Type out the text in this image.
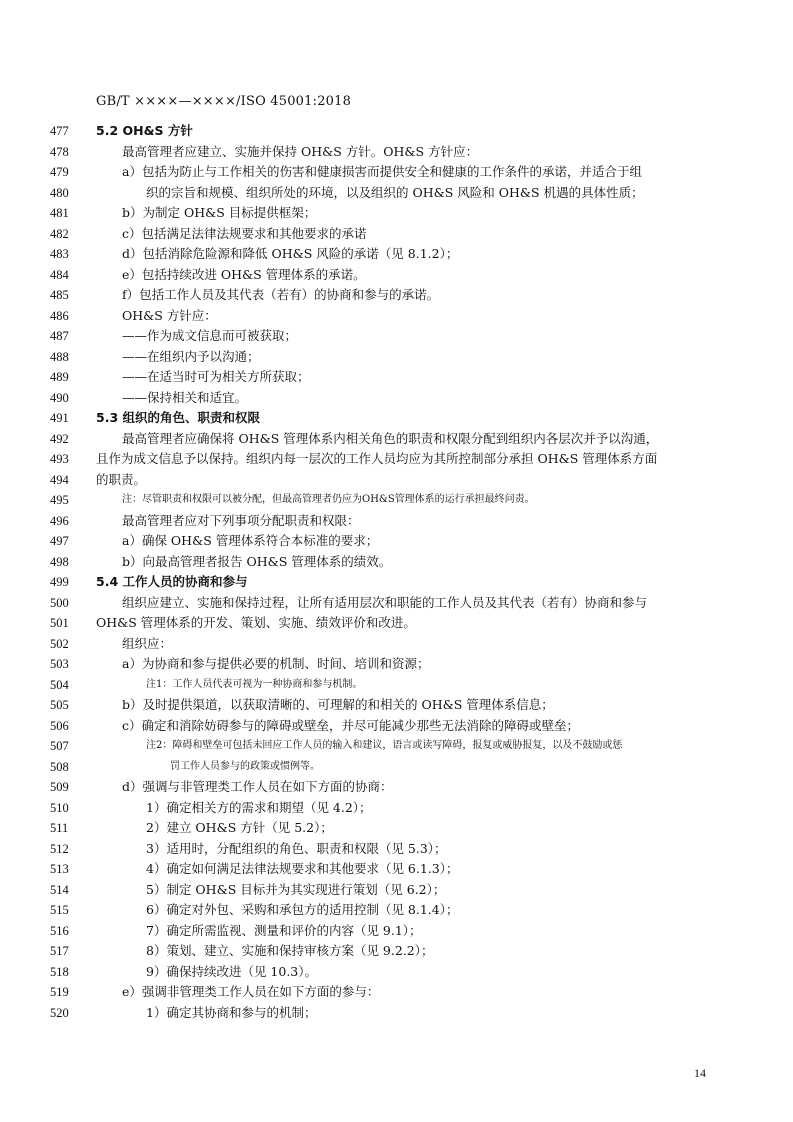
GB/T ××××—××××/ISO 45001:2018
477	5.2 OH&S 方针
478	最高管理者应建立、实施并保持 OH&S 方针。OH&S 方针应：
479	a）包括为防止与工作相关的伤害和健康损害而提供安全和健康的工作条件的承诺，并适合于组
480	织的宗旨和规模、组织所处的环境，以及组织的 OH&S 风险和 OH&S 机遇的具体性质；
481	b）为制定 OH&S 目标提供框架；
482	c）包括满足法律法规要求和其他要求的承诺
483	d）包括消除危险源和降低 OH&S 风险的承诺（见 8.1.2）；
484	e）包括持续改进 OH&S 管理体系的承诺。
485	f）包括工作人员及其代表（若有）的协商和参与的承诺。
486	OH&S 方针应：
487	——作为成文信息而可被获取；
488	——在组织内予以沟通；
489	——在适当时可为相关方所获取；
490	——保持相关和适宜。
491	5.3 组织的角色、职责和权限
492	最高管理者应确保将 OH&S 管理体系内相关角色的职责和权限分配到组织内各层次并予以沟通，
493	且作为成文信息予以保持。组织内每一层次的工作人员均应为其所控制部分承担 OH&S 管理体系方面
494	的职责。
495	注：尽管职责和权限可以被分配，但最高管理者仍应为OH&S管理体系的运行承担最终问责。
496	最高管理者应对下列事项分配职责和权限：
497	a）确保 OH&S 管理体系符合本标准的要求；
498	b）向最高管理者报告 OH&S 管理体系的绩效。
499	5.4 工作人员的协商和参与
500	组织应建立、实施和保持过程，让所有适用层次和职能的工作人员及其代表（若有）协商和参与
501	OH&S 管理体系的开发、策划、实施、绩效评价和改进。
502	组织应：
503	a）为协商和参与提供必要的机制、时间、培训和资源；
504	注1：工作人员代表可视为一种协商和参与机制。
505	b）及时提供渠道，以获取清晰的、可理解的和相关的 OH&S 管理体系信息；
506	c）确定和消除妨碍参与的障碍或壁垒，并尽可能减少那些无法消除的障碍或壁垒；
507	注2：障碍和壁垒可包括未回应工作人员的输入和建议，语言或读写障碍，报复或威胁报复，以及不鼓励或惩
508	罚工作人员参与的政策或惯例等。
509	d）强调与非管理类工作人员在如下方面的协商：
510	1）确定相关方的需求和期望（见 4.2）；
511	2）建立 OH&S 方针（见 5.2）；
512	3）适用时，分配组织的角色、职责和权限（见 5.3）；
513	4）确定如何满足法律法规要求和其他要求（见 6.1.3）；
514	5）制定 OH&S 目标并为其实现进行策划（见 6.2）；
515	6）确定对外包、采购和承包方的适用控制（见 8.1.4）；
516	7）确定所需监视、测量和评价的内容（见 9.1）；
517	8）策划、建立、实施和保持审核方案（见 9.2.2）；
518	9）确保持续改进（见 10.3）。
519	e）强调非管理类工作人员在如下方面的参与：
520	1）确定其协商和参与的机制；
14
